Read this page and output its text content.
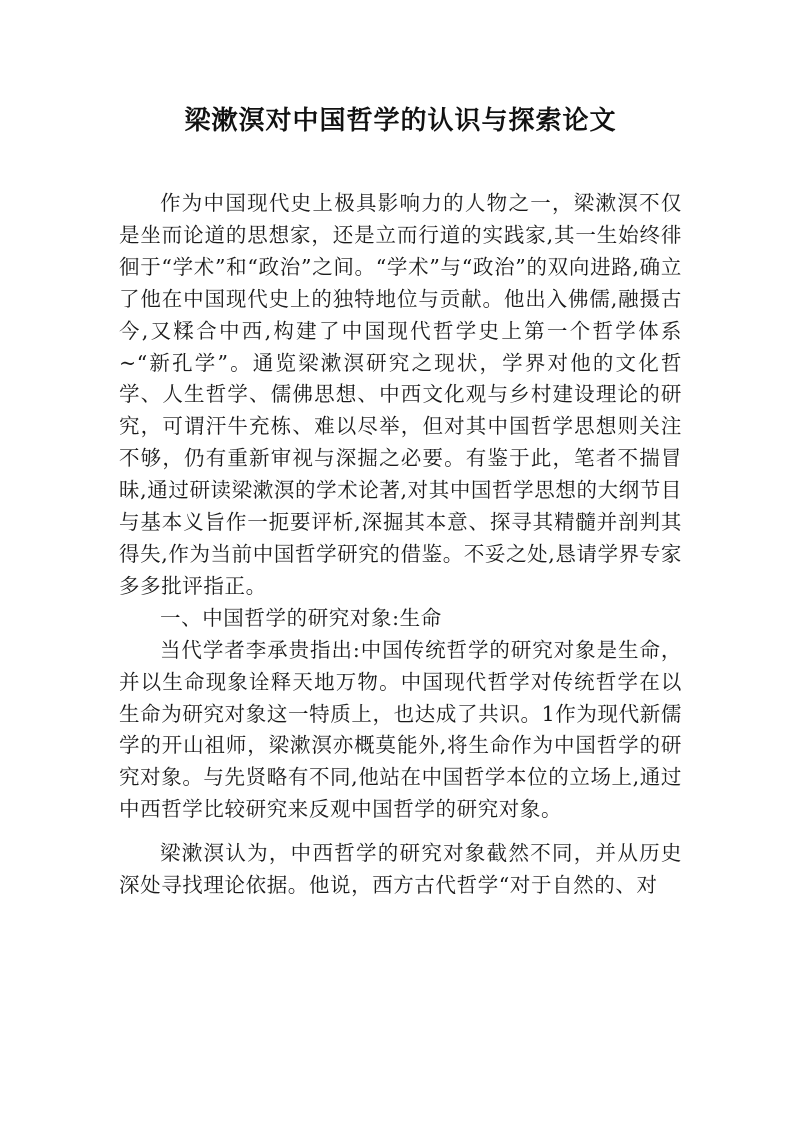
梁漱溟对中国哲学的认识与探索论文

作为中国现代史上极具影响力的人物之一，梁漱溟不仅是坐而论道的思想家，还是立而行道的实践家,其一生始终徘徊于“学术”和“政治”之间。“学术”与“政治”的双向进路,确立了他在中国现代史上的独特地位与贡献。他出入佛儒,融摄古今,又糅合中西,构建了中国现代哲学史上第一个哲学体系~“新孔学”。通览梁漱溟研究之现状，学界对他的文化哲学、人生哲学、儒佛思想、中西文化观与乡村建设理论的研究，可谓汗牛充栋、难以尽举，但对其中国哲学思想则关注不够，仍有重新审视与深掘之必要。有鉴于此，笔者不揣冒昧,通过研读梁漱溟的学术论著,对其中国哲学思想的大纲节目与基本义旨作一扼要评析,深掘其本意、探寻其精髓并剖判其得失,作为当前中国哲学研究的借鉴。不妥之处,恳请学界专家多多批评指正。

一、中国哲学的研究对象:生命

当代学者李承贵指出:中国传统哲学的研究对象是生命，并以生命现象诠释天地万物。中国现代哲学对传统哲学在以生命为研究对象这一特质上，也达成了共识。1作为现代新儒学的开山祖师，梁漱溟亦概莫能外,将生命作为中国哲学的研究对象。与先贤略有不同,他站在中国哲学本位的立场上,通过中西哲学比较研究来反观中国哲学的研究对象。

梁漱溟认为，中西哲学的研究对象截然不同，并从历史深处寻找理论依据。他说，西方古代哲学“对于自然的、对
